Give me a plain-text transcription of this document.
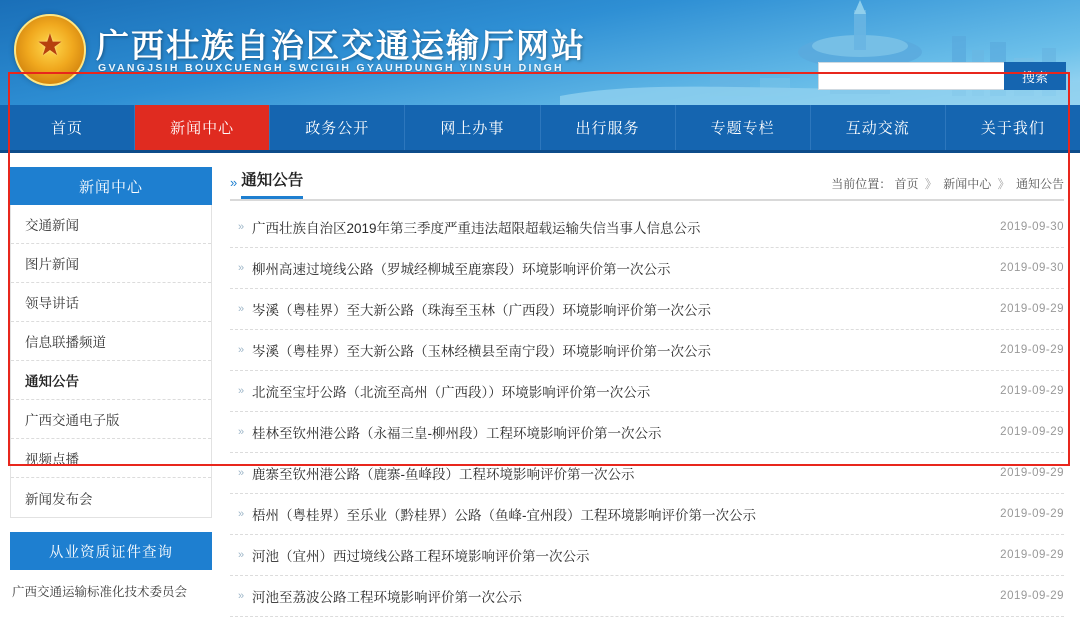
★
广西壮族自治区交通运输厅网站
GVANGJSIH BOUXCUENGH SWCIGIH GYAUHDUNGH YINSUH DINGH
搜索
首页	新闻中心	政务公开	网上办事	出行服务	专题专栏	互动交流	关于我们
新闻中心
交通新闻
图片新闻
领导讲话
信息联播频道
通知公告
广西交通电子版
视频点播
新闻发布会
从业资质证件查询
广西交通运输标准化技术委员会
» 通知公告	当前位置： 首页 》 新闻中心 》 通知公告
» 广西壮族自治区2019年第三季度严重违法超限超载运输失信当事人信息公示	2019-09-30
» 柳州高速过境线公路（罗城经柳城至鹿寨段）环境影响评价第一次公示	2019-09-30
» 岑溪（粤桂界）至大新公路（珠海至玉林（广西段）环境影响评价第一次公示	2019-09-29
» 岑溪（粤桂界）至大新公路（玉林经横县至南宁段）环境影响评价第一次公示	2019-09-29
» 北流至宝圩公路（北流至高州（广西段））环境影响评价第一次公示	2019-09-29
» 桂林至钦州港公路（永福三皇-柳州段）工程环境影响评价第一次公示	2019-09-29
» 鹿寨至钦州港公路（鹿寨-鱼峰段）工程环境影响评价第一次公示	2019-09-29
» 梧州（粤桂界）至乐业（黔桂界）公路（鱼峰-宜州段）工程环境影响评价第一次公示	2019-09-29
» 河池（宜州）西过境线公路工程环境影响评价第一次公示	2019-09-29
» 河池至荔波公路工程环境影响评价第一次公示	2019-09-29
